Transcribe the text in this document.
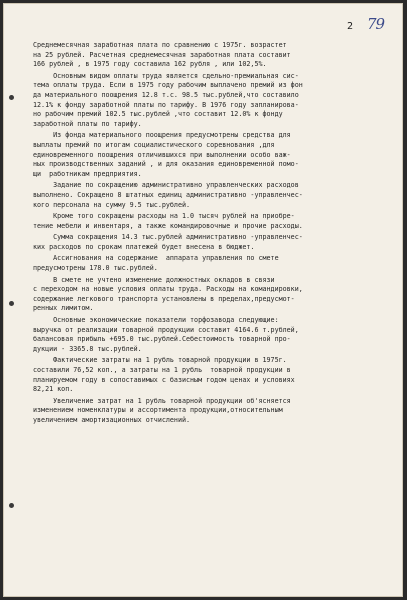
2 79
Среднемесячная заработная плата по сравнению с 1975г. возрастет
на 25 рублей. Расчетная среднемесячная заработная плата составит
166 рублей , в 1975 году составила 162 рубля , или 102,5%.
Основным видом оплаты труда является сдельно-премиальная сис-
тема оплаты труда. Если в 1975 году рабочим выплачено премий из фон
да материального поощрения 12.8 т.с. 98.5 тыс.рублей,что составило
12.1% к фонду заработной платы по тарифу. В 1976 году запланирова-
но рабочим премий 102.5 тыс.рублей ,что составит 12.0% к фонду
заработной платы по тарифу.
Из фонда материального поощрения предусмотрены средства для
выплаты премий по итогам социалистического соревнования ,для
единовременного поощрения отличившихся при выполнении особо важ-
ных производственных заданий , и для оказания единовременной помо-
щи  работникам предприятия.
Задание по сокращению административно управленческих расходов
выполнено. Сокращено 8 штатных единиц административно -управленчес-
кого персонала на сумму 9.5 тыс.рублей.
Кроме того сокращены расходы на 1.0 тысяч рублей на приобре-
тение мебели и инвентаря, а также командировочные и прочие расходы.
Сумма сокращения 14.3 тыс.рублей административно -управленчес-
ких расходов по срокам платежей будет внесена в бюджет.
Ассигнования на содержание  аппарата управления по смете
предусмотрены 178.0 тыс.рублей.
В смете не учтено изменение должностных окладов в связи
с переходом на новые условия оплаты труда. Расходы на командировки,
содержание легкового транспорта установлены в пределах,предусмот-
ренных лимитом.
Основные экономические показатели торфозавода следующие:
выручка от реализации товарной продукции составит 4164.6 т.рублей,
балансовая прибыль +695.0 тыс.рублей.Себестоимость товарной про-
дукции - 3365.8 тыс.рублей.
Фактические затраты на 1 рубль товарной продукции в 1975г.
составили 76,52 коп., а затраты на 1 рубль  товарной продукции в
планируемом году в сопоставимых с базисным годом ценах и условиях
82,21 коп.
Увеличение затрат на 1 рубль товарной продукции об'ясняется
изменением номенклатуры и ассортимента продукции,относительным
увеличением амортизационных отчислений.
